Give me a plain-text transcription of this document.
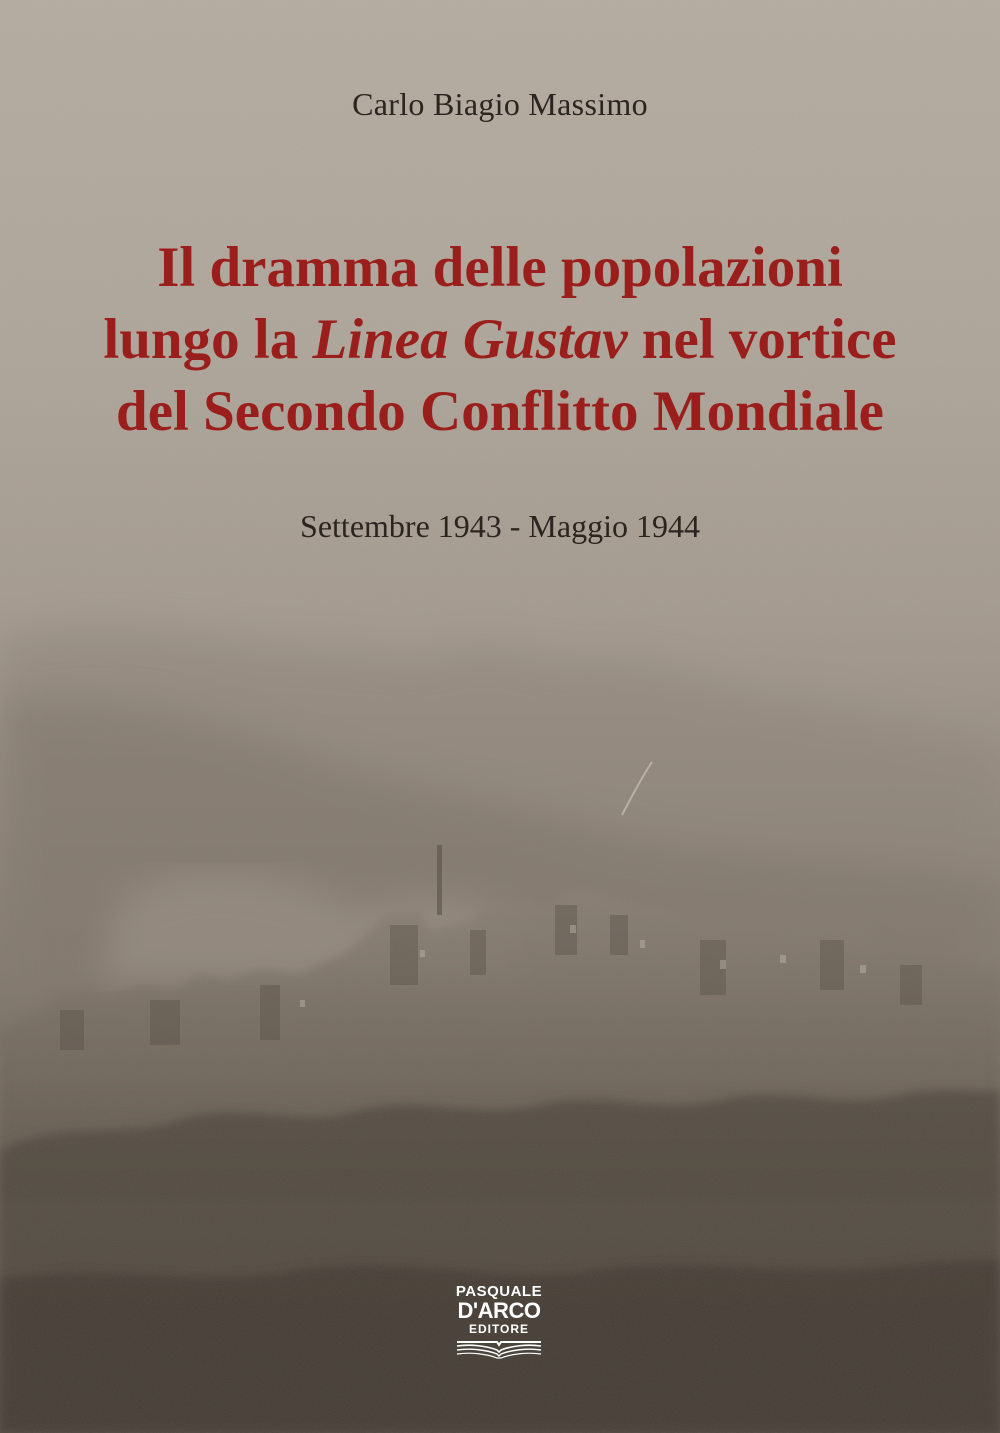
Carlo Biagio Massimo
Il dramma delle popolazioni
lungo la Linea Gustav nel vortice
del Secondo Conflitto Mondiale
Settembre 1943 - Maggio 1944
PASQUALE
D'ARCO
EDITORE
